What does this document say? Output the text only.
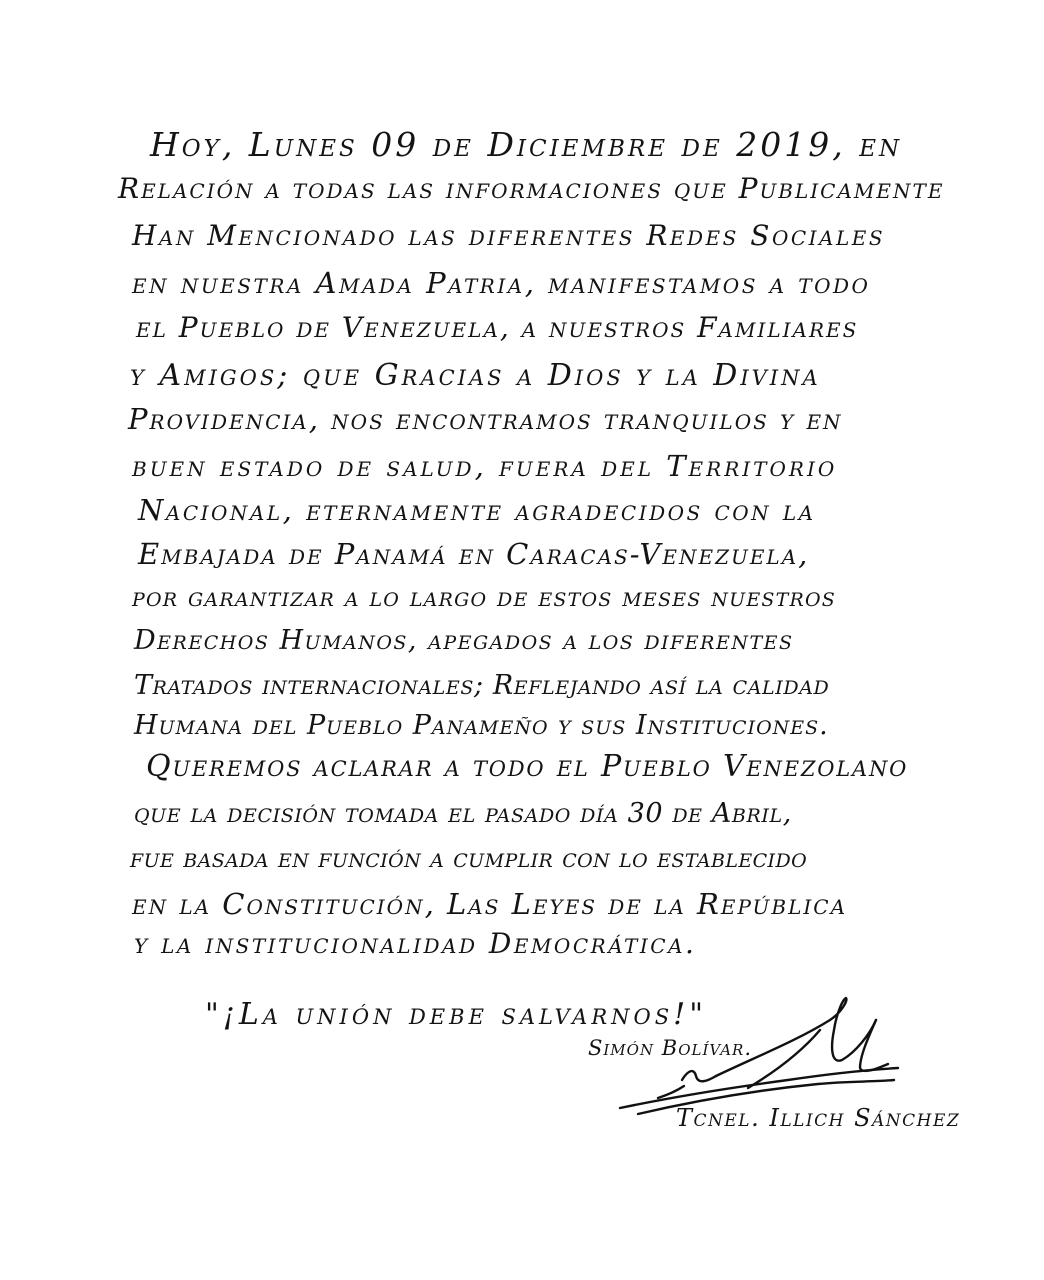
Hoy, Lunes 09 de Diciembre de 2019, en
Relación a todas las informaciones que Publicamente
Han Mencionado las diferentes Redes Sociales
en nuestra Amada Patria, manifestamos a todo
el Pueblo de Venezuela, a nuestros Familiares
y Amigos; que Gracias a Dios y la Divina
Providencia, nos encontramos tranquilos y en
buen estado de salud, fuera del Territorio
Nacional, eternamente agradecidos con la
Embajada de Panamá en Caracas-Venezuela,
por garantizar a lo largo de estos meses nuestros
Derechos Humanos, apegados a los diferentes
Tratados internacionales; Reflejando así la calidad
Humana del Pueblo Panameño y sus Instituciones.
Queremos aclarar a todo el Pueblo Venezolano
que la decisión tomada el pasado día 30 de Abril,
fue basada en función a cumplir con lo establecido
en la Constitución, Las Leyes de la República
y la institucionalidad Democrática.
"¡La unión debe salvarnos!"
Simón Bolívar.
Tcnel. Illich Sánchez
